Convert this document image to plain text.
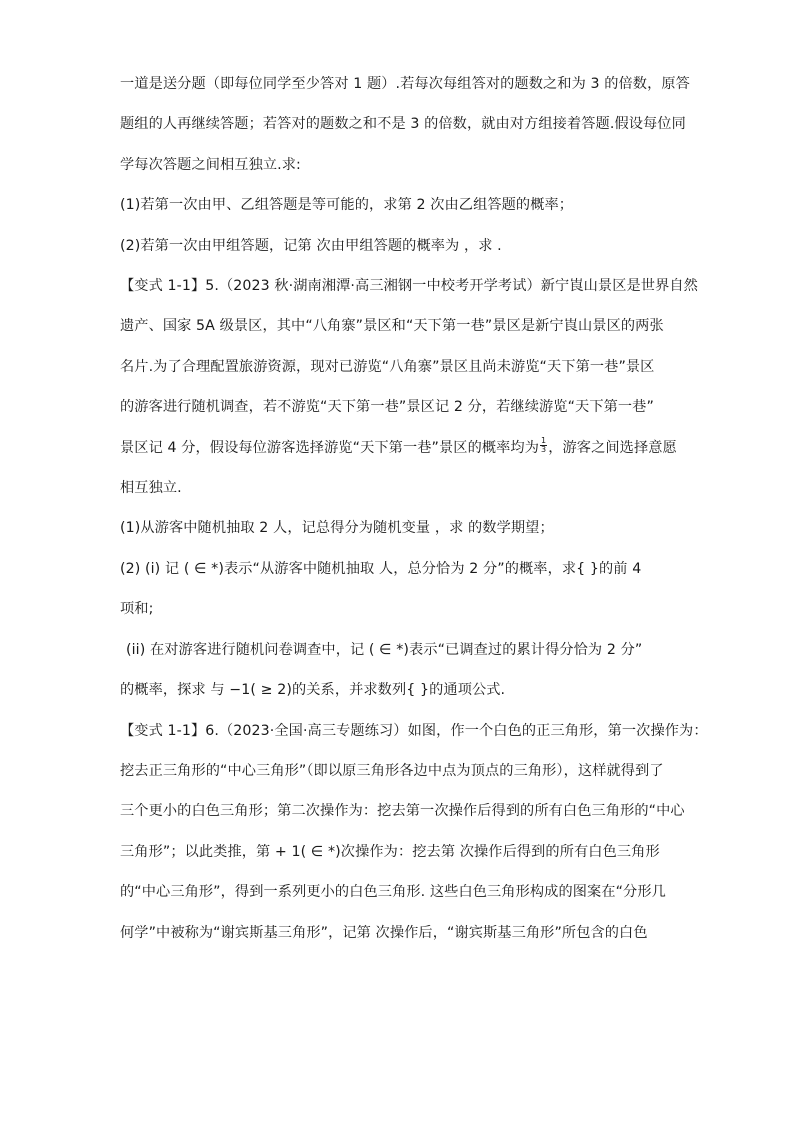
一道是送分题（即每位同学至少答对 1 题）.若每次每组答对的题数之和为 3 的倍数，原答
题组的人再继续答题；若答对的题数之和不是 3 的倍数，就由对方组接着答题.假设每位同
学每次答题之间相互独立.求:
(1)若第一次由甲、乙组答题是等可能的，求第 2 次由乙组答题的概率；
(2)若第一次由甲组答题，记第 次由甲组答题的概率为 ，求 .
【变式 1-1】5.（2023 秋·湖南湘潭·高三湘钢一中校考开学考试）新宁崀山景区是世界自然
遗产、国家 5A 级景区，其中“八角寨”景区和“天下第一巷”景区是新宁崀山景区的两张
名片.为了合理配置旅游资源，现对已游览“八角寨”景区且尚未游览“天下第一巷”景区
的游客进行随机调查，若不游览“天下第一巷”景区记 2 分，若继续游览“天下第一巷”
景区记 4 分，假设每位游客选择游览“天下第一巷”景区的概率均为 $\frac{1}{3}$ ，游客之间选择意愿
相互独立.
(1)从游客中随机抽取 2 人，记总得分为随机变量 ，求 的数学期望；
(2) (i) 记 ( ∈ *)表示“从游客中随机抽取 人，总分恰为 2 分”的概率，求{ }的前 4
项和;
(ii) 在对游客进行随机问卷调查中，记 ( ∈ *)表示“已调查过的累计得分恰为 2 分”
的概率，探求 与 −1( ≥ 2)的关系，并求数列{ }的通项公式.
【变式 1-1】6.（2023·全国·高三专题练习）如图，作一个白色的正三角形，第一次操作为：
挖去正三角形的“中心三角形”（即以原三角形各边中点为顶点的三角形），这样就得到了
三个更小的白色三角形；第二次操作为：挖去第一次操作后得到的所有白色三角形的“中心
三角形”；以此类推，第 + 1( ∈ *)次操作为：挖去第 次操作后得到的所有白色三角形
的“中心三角形”，得到一系列更小的白色三角形. 这些白色三角形构成的图案在“分形几
何学”中被称为“谢宾斯基三角形”，记第 次操作后，“谢宾斯基三角形”所包含的白色
